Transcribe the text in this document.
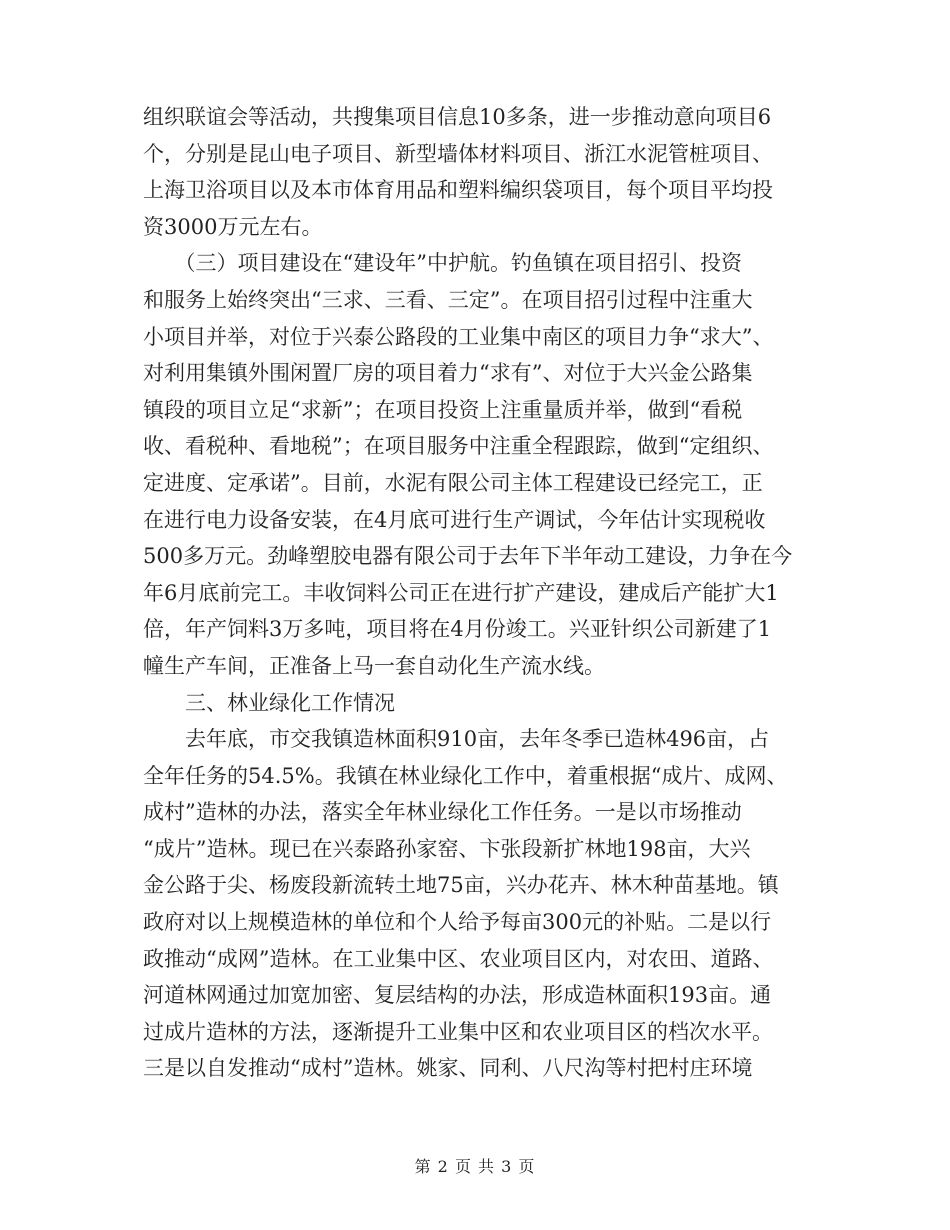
组织联谊会等活动，共搜集项目信息10多条，进一步推动意向项目6
个，分别是昆山电子项目、新型墙体材料项目、浙江水泥管桩项目、
上海卫浴项目以及本市体育用品和塑料编织袋项目，每个项目平均投
资3000万元左右。
　　（三）项目建设在“建设年”中护航。钓鱼镇在项目招引、投资
和服务上始终突出“三求、三看、三定”。在项目招引过程中注重大
小项目并举，对位于兴泰公路段的工业集中南区的项目力争“求大”、
对利用集镇外围闲置厂房的项目着力“求有”、对位于大兴金公路集
镇段的项目立足“求新”；在项目投资上注重量质并举，做到“看税
收、看税种、看地税”；在项目服务中注重全程跟踪，做到“定组织、
定进度、定承诺”。目前，水泥有限公司主体工程建设已经完工，正
在进行电力设备安装，在4月底可进行生产调试，今年估计实现税收
500多万元。劲峰塑胶电器有限公司于去年下半年动工建设，力争在今
年6月底前完工。丰收饲料公司正在进行扩产建设，建成后产能扩大1
倍，年产饲料3万多吨，项目将在4月份竣工。兴亚针织公司新建了1
幢生产车间，正准备上马一套自动化生产流水线。
　　三、林业绿化工作情况
　　去年底，市交我镇造林面积910亩，去年冬季已造林496亩，占
全年任务的54.5%。我镇在林业绿化工作中，着重根据“成片、成网、
成村”造林的办法，落实全年林业绿化工作任务。一是以市场推动
“成片”造林。现已在兴泰路孙家窑、卞张段新扩林地198亩，大兴
金公路于尖、杨废段新流转土地75亩，兴办花卉、林木种苗基地。镇
政府对以上规模造林的单位和个人给予每亩300元的补贴。二是以行
政推动“成网”造林。在工业集中区、农业项目区内，对农田、道路、
河道林网通过加宽加密、复层结构的办法，形成造林面积193亩。通
过成片造林的方法，逐渐提升工业集中区和农业项目区的档次水平。
三是以自发推动“成村”造林。姚家、同利、八尺沟等村把村庄环境
第 2 页 共 3 页
